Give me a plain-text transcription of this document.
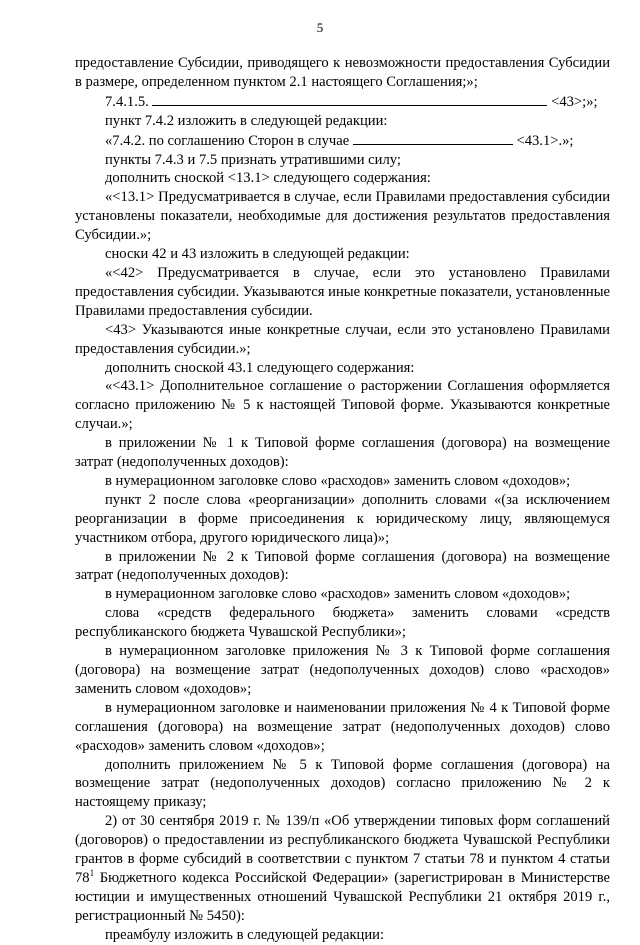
5

предоставление Субсидии, приводящего к невозможности предоставления Субсидии в размере, определенном пунктом 2.1 настоящего Соглашения;»;

7.4.1.5.	<43>;»;

пункт 7.4.2 изложить в следующей редакции:

«7.4.2. по соглашению Сторон в случае	<43.1>.»;

пункты 7.4.3 и 7.5 признать утратившими силу;

дополнить сноской <13.1> следующего содержания:

«<13.1> Предусматривается в случае, если Правилами предоставления субсидии установлены показатели, необходимые для достижения результатов предоставления Субсидии.»;

сноски 42 и 43 изложить в следующей редакции:

«<42> Предусматривается в случае, если это установлено Правилами предоставления субсидии. Указываются иные конкретные показатели, установленные Правилами предоставления субсидии.

<43> Указываются иные конкретные случаи, если это установлено Правилами предоставления субсидии.»;

дополнить сноской 43.1 следующего содержания:

«<43.1> Дополнительное соглашение о расторжении Соглашения оформляется согласно приложению № 5 к настоящей Типовой форме. Указываются конкретные случаи.»;

в приложении № 1 к Типовой форме соглашения (договора) на возмещение затрат (недополученных доходов):

в нумерационном заголовке слово «расходов» заменить словом «доходов»;

пункт 2 после слова «реорганизации» дополнить словами «(за исключением реорганизации в форме присоединения к юридическому лицу, являющемуся участником отбора, другого юридического лица)»;

в приложении № 2 к Типовой форме соглашения (договора) на возмещение затрат (недополученных доходов):

в нумерационном заголовке слово «расходов» заменить словом «доходов»;

слова «средств федерального бюджета» заменить словами «средств республиканского бюджета Чувашской Республики»;

в нумерационном заголовке приложения № 3 к Типовой форме соглашения (договора) на возмещение затрат (недополученных доходов) слово «расходов» заменить словом «доходов»;

в нумерационном заголовке и наименовании приложения № 4 к Типовой форме соглашения (договора) на возмещение затрат (недополученных доходов) слово «расходов» заменить словом «доходов»;

дополнить приложением № 5 к Типовой форме соглашения (договора) на возмещение затрат (недополученных доходов) согласно приложению № 2 к настоящему приказу;

2) от 30 сентября 2019 г. № 139/п «Об утверждении типовых форм соглашений (договоров) о предоставлении из республиканского бюджета Чувашской Республики грантов в форме субсидий в соответствии с пунктом 7 статьи 78 и пунктом 4 статьи $78^1$ Бюджетного кодекса Российской Федерации» (зарегистрирован в Министерстве юстиции и имущественных отношений Чувашской Республики 21 октября 2019 г., регистрационный № 5450):

преамбулу изложить в следующей редакции:
